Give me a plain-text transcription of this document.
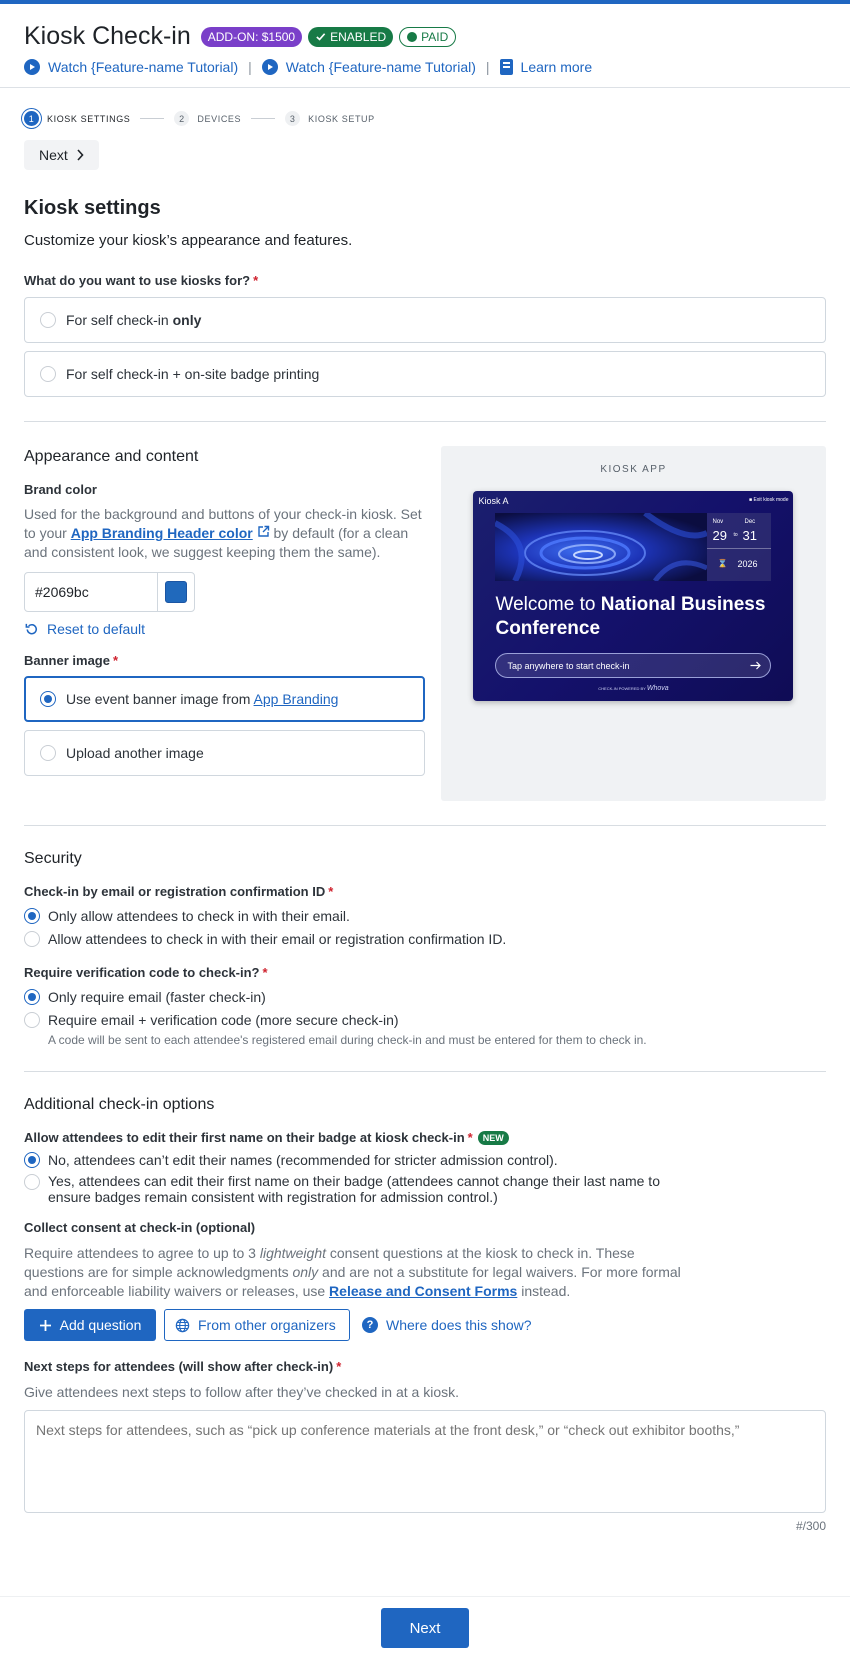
Kiosk Check-in	ADD-ON: $1500	ENABLED	PAID
Watch {Feature-name Tutorial) | Watch {Feature-name Tutorial) | Learn more
1	KIOSK SETTINGS	2	DEVICES	3	KIOSK SETUP
Next
Kiosk settings

Customize your kiosk’s appearance and features.

What do you want to use kiosks for? *
For self check-in only
For self check-in + on-site badge printing
Appearance and content
Brand color

Used for the background and buttons of your check-in kiosk. Set to your App Branding Header color  by default (for a clean and consistent look, we suggest keeping them the same).

#2069bc
Reset to default
Banner image *
Use event banner image from App Branding
Upload another image
KIOSK APP
Kiosk A	■ Exit kiosk mode
Nov
29 to
Dec
31
⌛ 2026
Welcome to National Business Conference
Tap anywhere to start check-in
CHECK-IN POWERED BY Whova
Security
Check-in by email or registration confirmation ID *
Only allow attendees to check in with their email.
Allow attendees to check in with their email or registration confirmation ID.
Require verification code to check-in? *
Only require email (faster check-in)
Require email + verification code (more secure check-in)
A code will be sent to each attendee's registered email during check-in and must be entered for them to check in.
Additional check-in options
Allow attendees to edit their first name on their badge at kiosk check-in *	NEW
No, attendees can’t edit their names (recommended for stricter admission control).
Yes, attendees can edit their first name on their badge (attendees cannot change their last name to ensure badges remain consistent with registration for admission control.)
Collect consent at check-in (optional)

Require attendees to agree to up to 3 lightweight consent questions at the kiosk to check in. These questions are for simple acknowledgments only and are not a substitute for legal waivers. For more formal and enforceable liability waivers or releases, use Release and Consent Forms instead.

Add question	From other organizers	? Where does this show?
Next steps for attendees (will show after check-in) *

Give attendees next steps to follow after they’ve checked in at a kiosk.

Next steps for attendees, such as “pick up conference materials at the front desk,” or “check out exhibitor booths,”
#/300
Next
